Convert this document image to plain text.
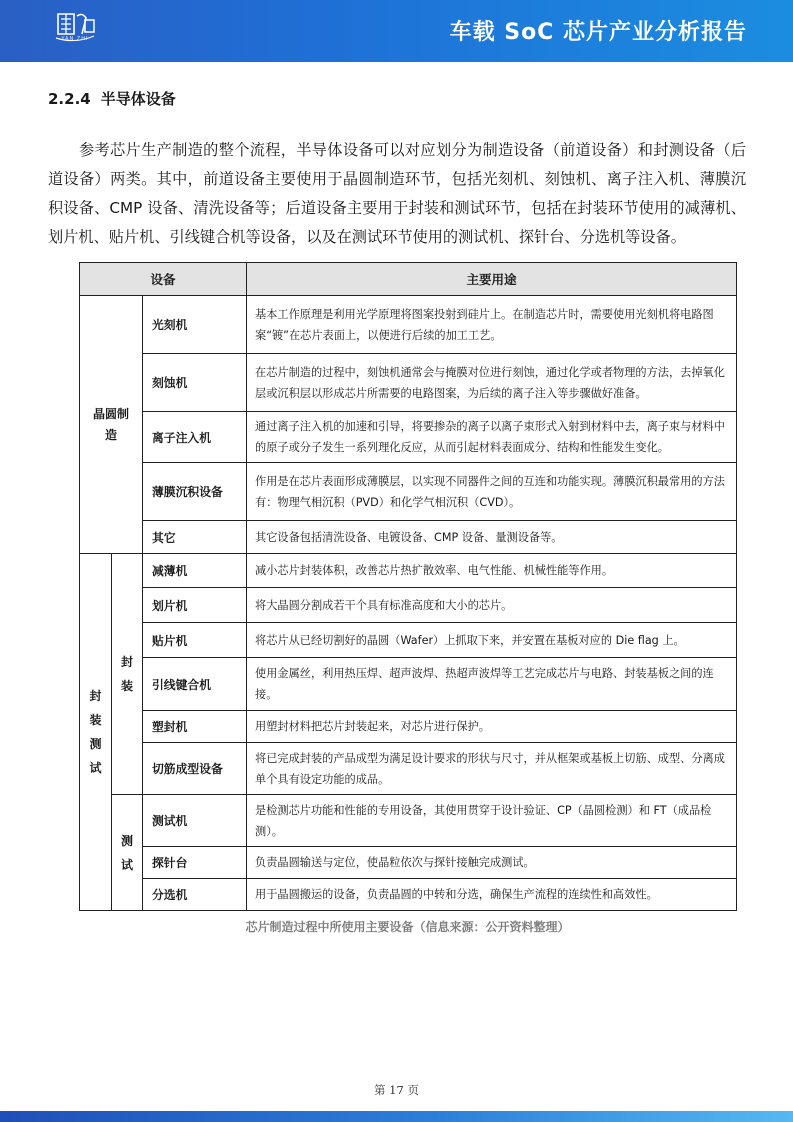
YAN ZHI	车载 SoC 芯片产业分析报告
2.2.4 半导体设备
参考芯片生产制造的整个流程，半导体设备可以对应划分为制造设备（前道设备）和封测设备（后道设备）两类。其中，前道设备主要使用于晶圆制造环节，包括光刻机、刻蚀机、离子注入机、薄膜沉积设备、CMP 设备、清洗设备等；后道设备主要用于封装和测试环节，包括在封装环节使用的减薄机、划片机、贴片机、引线键合机等设备，以及在测试环节使用的测试机、探针台、分选机等设备。
设备			主要用途

晶圆制造		光刻机	基本工作原理是利用光学原理将图案投射到硅片上。在制造芯片时，需要使用光刻机将电路图案“镀”在芯片表面上，以便进行后续的加工工艺。
		刻蚀机	在芯片制造的过程中，刻蚀机通常会与掩膜对位进行刻蚀，通过化学或者物理的方法，去掉氧化层或沉积层以形成芯片所需要的电路图案，为后续的离子注入等步骤做好准备。
		离子注入机	通过离子注入机的加速和引导，将要掺杂的离子以离子束形式入射到材料中去，离子束与材料中的原子或分子发生一系列理化反应，从而引起材料表面成分、结构和性能发生变化。
		薄膜沉积设备	作用是在芯片表面形成薄膜层，以实现不同器件之间的互连和功能实现。薄膜沉积最常用的方法有：物理气相沉积（PVD）和化学气相沉积（CVD）。
		其它	其它设备包括清洗设备、电镀设备、CMP 设备、量测设备等。

封装测试	封装	减薄机	减小芯片封装体积，改善芯片热扩散效率、电气性能、机械性能等作用。
		划片机	将大晶圆分割成若干个具有标准高度和大小的芯片。
		贴片机	将芯片从已经切割好的晶圆（Wafer）上抓取下来，并安置在基板对应的 Die flag 上。
		引线键合机	使用金属丝，利用热压焊、超声波焊、热超声波焊等工艺完成芯片与电路、封装基板之间的连接。
		塑封机	用塑封材料把芯片封装起来，对芯片进行保护。
		切筋成型设备	将已完成封装的产品成型为满足设计要求的形状与尺寸，并从框架或基板上切筋、成型、分离成单个具有设定功能的成品。

	测试	测试机	是检测芯片功能和性能的专用设备，其使用贯穿于设计验证、CP（晶圆检测）和 FT（成品检测）。
		探针台	负责晶圆输送与定位，使晶粒依次与探针接触完成测试。
		分选机	用于晶圆搬运的设备，负责晶圆的中转和分选，确保生产流程的连续性和高效性。
芯片制造过程中所使用主要设备（信息来源：公开资料整理）
第 17 页
